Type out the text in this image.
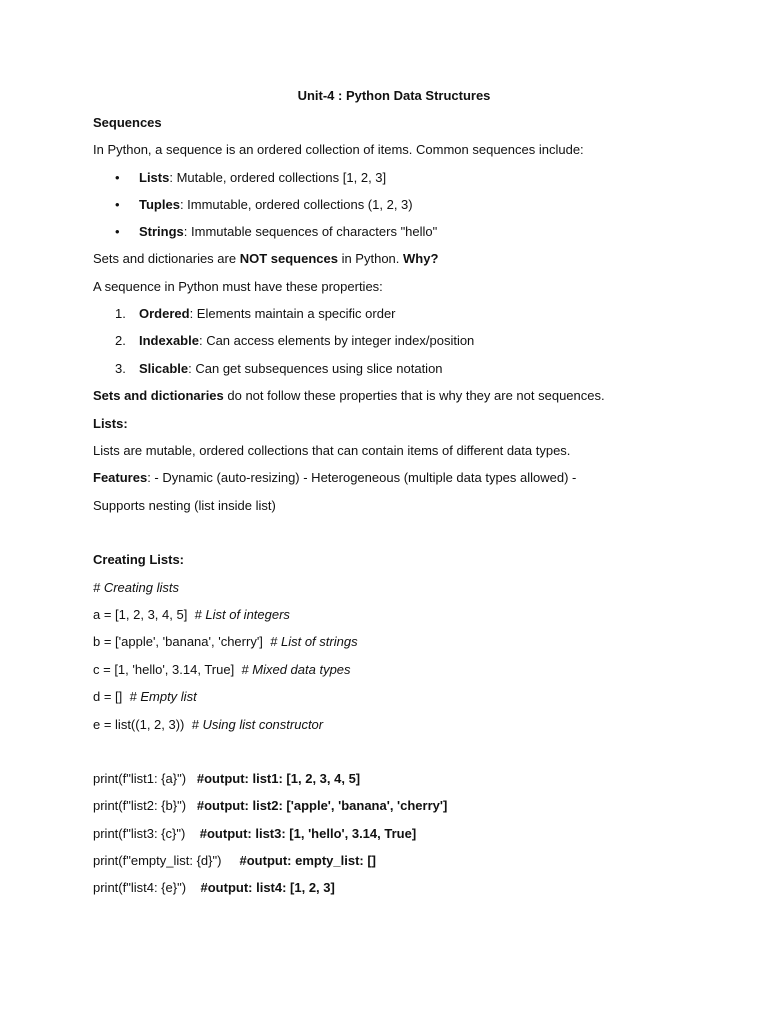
Unit-4 : Python Data Structures
Sequences
In Python, a sequence is an ordered collection of items. Common sequences include:
• Lists: Mutable, ordered collections [1, 2, 3]
• Tuples: Immutable, ordered collections (1, 2, 3)
• Strings: Immutable sequences of characters "hello"
Sets and dictionaries are NOT sequences in Python. Why?
A sequence in Python must have these properties:
1. Ordered: Elements maintain a specific order
2. Indexable: Can access elements by integer index/position
3. Slicable: Can get subsequences using slice notation
Sets and dictionaries do not follow these properties that is why they are not sequences.
Lists:
Lists are mutable, ordered collections that can contain items of different data types.
Features: - Dynamic (auto-resizing) - Heterogeneous (multiple data types allowed) -
Supports nesting (list inside list)
Creating Lists:
# Creating lists
a = [1, 2, 3, 4, 5]  # List of integers
b = ['apple', 'banana', 'cherry']  # List of strings
c = [1, 'hello', 3.14, True]  # Mixed data types
d = []  # Empty list
e = list((1, 2, 3))  # Using list constructor
print(f"list1: {a}")   #output: list1: [1, 2, 3, 4, 5]
print(f"list2: {b}")   #output: list2: ['apple', 'banana', 'cherry']
print(f"list3: {c}")    #output: list3: [1, 'hello', 3.14, True]
print(f"empty_list: {d}")     #output: empty_list: []
print(f"list4: {e}")    #output: list4: [1, 2, 3]
